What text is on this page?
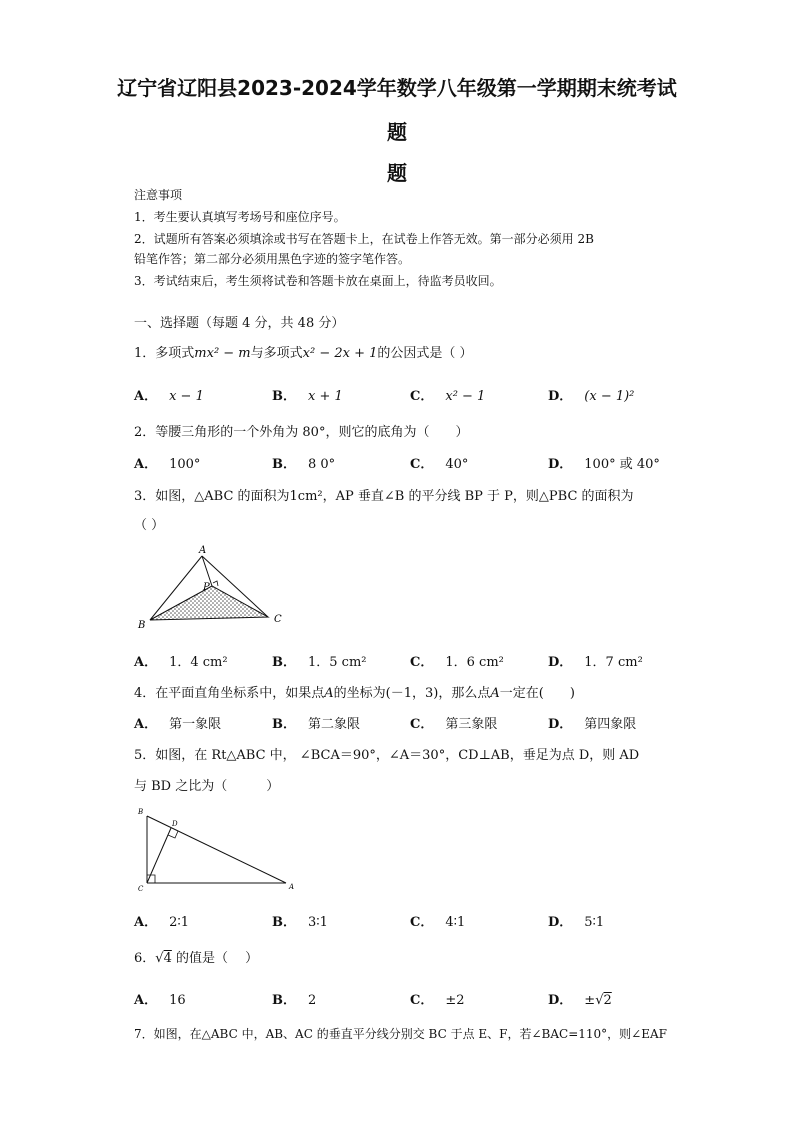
辽宁省辽阳县2023-2024学年数学八年级第一学期期末统考试
题
题
注意事项
1．考生要认真填写考场号和座位序号。
2．试题所有答案必须填涂或书写在答题卡上，在试卷上作答无效。第一部分必须用 2B
铅笔作答；第二部分必须用黑色字迹的签字笔作答。
3．考试结束后，考生须将试卷和答题卡放在桌面上，待监考员收回。
一、选择题（每题 4 分，共 48 分）
1．多项式mx² − m与多项式x² − 2x + 1的公因式是（ ）
A． x − 1	B． x + 1	C． x² − 1	D． (x − 1)²
2．等腰三角形的一个外角为 80°，则它的底角为（　　）
A． 100°	B． 8 0°	C． 40°	D． 100° 或 40°
3．如图，△ABC 的面积为1cm²，AP 垂直∠B 的平分线 BP 于 P，则△PBC 的面积为
（ ）
A
P
B
C
A． 1．4 cm²	B． 1．5 cm²	C． 1．6 cm²	D． 1．7 cm²
4．在平面直角坐标系中，如果点A的坐标为(－1，3)，那么点A一定在(　　)
A． 第一象限	B． 第二象限	C． 第三象限	D． 第四象限
5．如图，在 Rt△ABC 中， ∠BCA＝90°，∠A＝30°，CD⊥AB，垂足为点 D，则 AD
与 BD 之比为（　　　）
B
D
C	A
A． 2∶1	B． 3∶1	C． 4∶1	D． 5∶1
6．√4 的值是（　 ）
A． 16	B． 2	C． ±2	D． ±√2
7．如图，在△ABC 中，AB、AC 的垂直平分线分别交 BC 于点 E、F，若∠BAC=110°，则∠EAF
